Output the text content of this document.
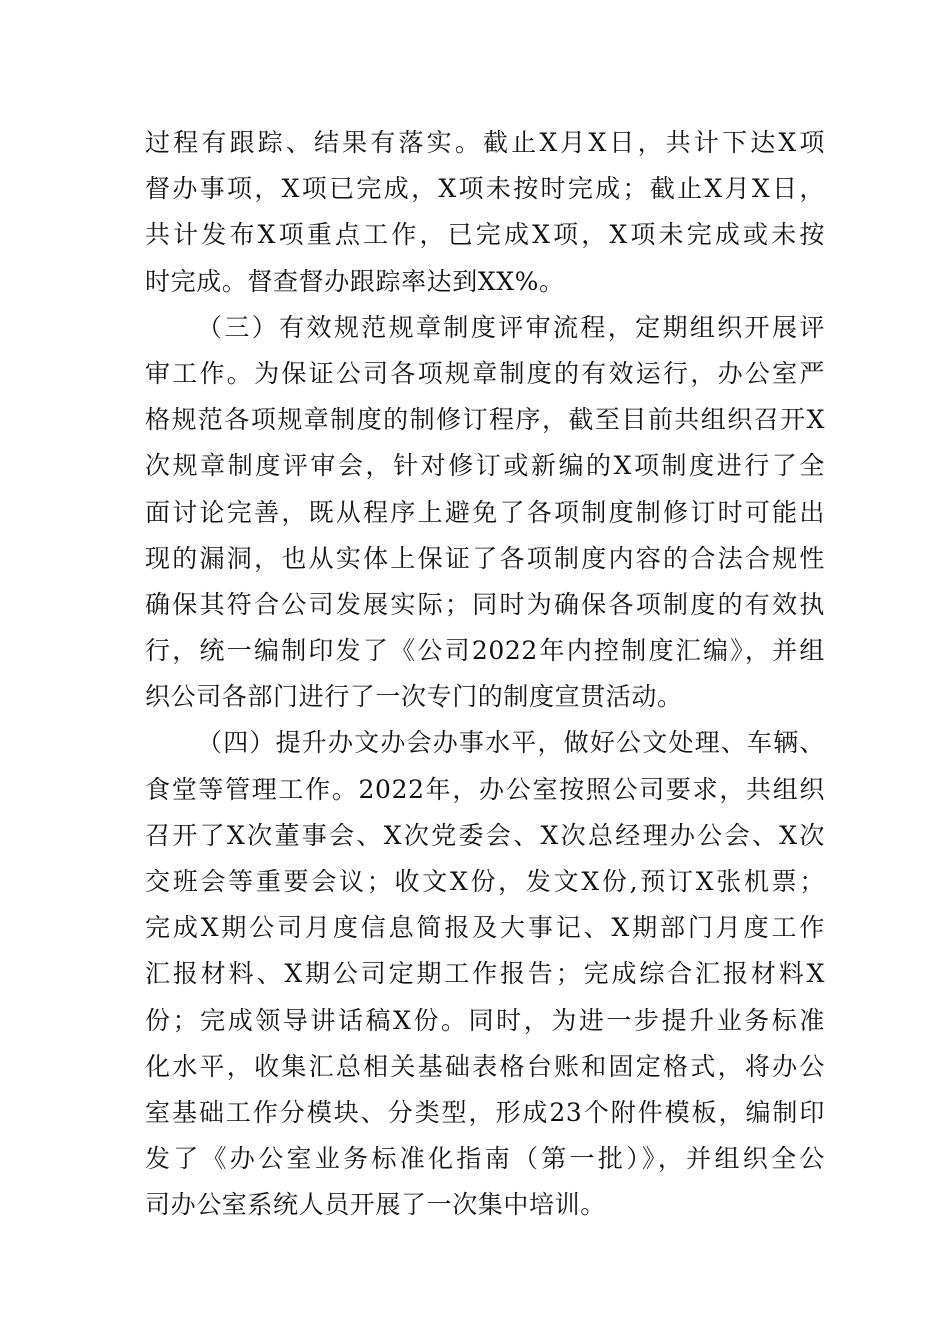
过程有跟踪、结果有落实。截止X月X日，共计下达X项
督办事项，X项已完成，X项未按时完成；截止X月X日，
共计发布X项重点工作，已完成X项，X项未完成或未按
时完成。督查督办跟踪率达到XX%。
（三）有效规范规章制度评审流程，定期组织开展评
审工作。为保证公司各项规章制度的有效运行，办公室严
格规范各项规章制度的制修订程序，截至目前共组织召开X
次规章制度评审会，针对修订或新编的X项制度进行了全
面讨论完善，既从程序上避免了各项制度制修订时可能出
现的漏洞，也从实体上保证了各项制度内容的合法合规性
确保其符合公司发展实际；同时为确保各项制度的有效执
行，统一编制印发了《公司2022年内控制度汇编》，并组
织公司各部门进行了一次专门的制度宣贯活动。
（四）提升办文办会办事水平，做好公文处理、车辆、
食堂等管理工作。2022年，办公室按照公司要求，共组织
召开了X次董事会、X次党委会、X次总经理办公会、X次
交班会等重要会议；收文X份，发文X份,预订X张机票；
完成X期公司月度信息简报及大事记、X期部门月度工作
汇报材料、X期公司定期工作报告；完成综合汇报材料X
份；完成领导讲话稿X份。同时，为进一步提升业务标准
化水平，收集汇总相关基础表格台账和固定格式，将办公
室基础工作分模块、分类型，形成23个附件模板，编制印
发了《办公室业务标准化指南（第一批）》，并组织全公
司办公室系统人员开展了一次集中培训。
